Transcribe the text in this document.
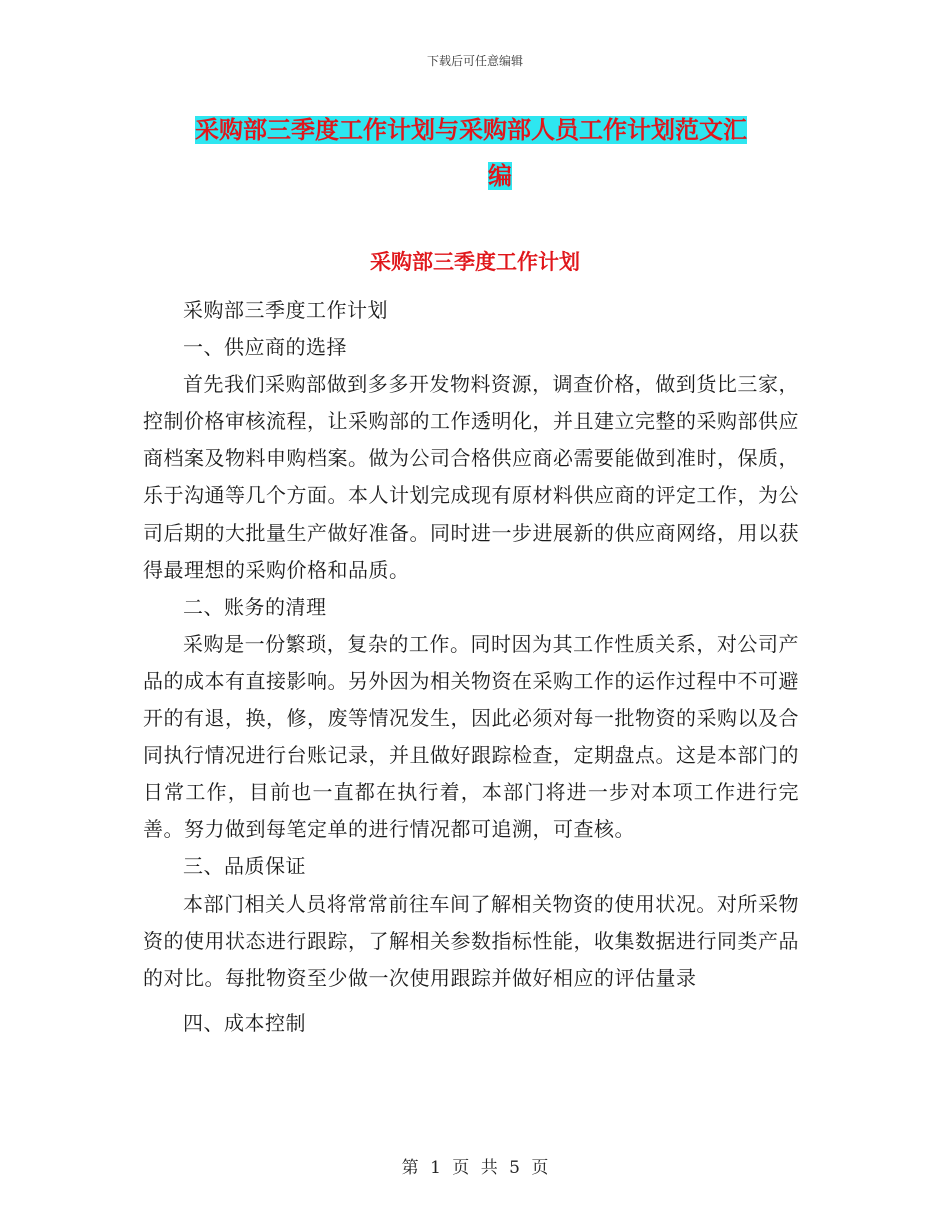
下载后可任意编辑
采购部三季度工作计划与采购部人员工作计划范文汇
编
采购部三季度工作计划

采购部三季度工作计划

一、供应商的选择

首先我们采购部做到多多开发物料资源，调查价格，做到货比三家，控制价格审核流程，让采购部的工作透明化，并且建立完整的采购部供应商档案及物料申购档案。做为公司合格供应商必需要能做到准时，保质，乐于沟通等几个方面。本人计划完成现有原材料供应商的评定工作，为公司后期的大批量生产做好准备。同时进一步进展新的供应商网络，用以获得最理想的采购价格和品质。

二、账务的清理

采购是一份繁琐，复杂的工作。同时因为其工作性质关系，对公司产品的成本有直接影响。另外因为相关物资在采购工作的运作过程中不可避开的有退，换，修，废等情况发生，因此必须对每一批物资的采购以及合同执行情况进行台账记录，并且做好跟踪检查，定期盘点。这是本部门的日常工作，目前也一直都在执行着，本部门将进一步对本项工作进行完善。努力做到每笔定单的进行情况都可追溯，可查核。

三、品质保证

本部门相关人员将常常前往车间了解相关物资的使用状况。对所采物资的使用状态进行跟踪，了解相关参数指标性能，收集数据进行同类产品的对比。每批物资至少做一次使用跟踪并做好相应的评估量录

四、成本控制

第 1 页 共 5 页
